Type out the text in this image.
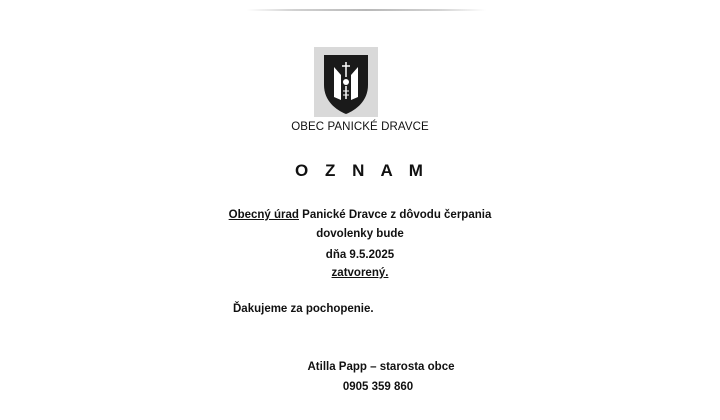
OBEC PANICKÉ DRAVCE
O Z N A M
Obecný úrad Panické Dravce z dôvodu čerpania
dovolenky bude
dňa 9.5.2025
zatvorený.
Ďakujeme za pochopenie.
Atilla Papp – starosta obce
0905 359 860
